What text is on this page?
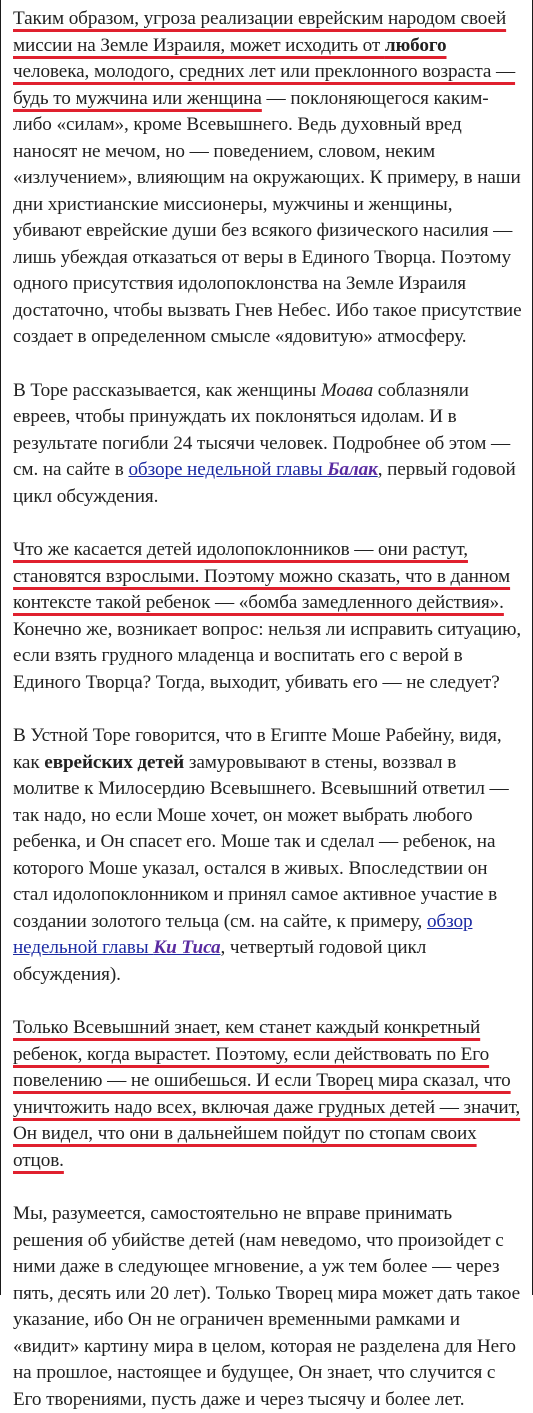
Таким образом, угроза реализации еврейским народом своей миссии на Земле Израиля, может исходить от любого человека, молодого, средних лет или преклонного возраста — будь то мужчина или женщина — поклоняющегося каким-либо «силам», кроме Всевышнего. Ведь духовный вред наносят не мечом, но — поведением, словом, неким «излучением», влияющим на окружающих. К примеру, в наши дни христианские миссионеры, мужчины и женщины, убивают еврейские души без всякого физического насилия — лишь убеждая отказаться от веры в Единого Творца. Поэтому одного присутствия идолопоклонства на Земле Израиля достаточно, чтобы вызвать Гнев Небес. Ибо такое присутствие создает в определенном смысле «ядовитую» атмосферу.

В Торе рассказывается, как женщины Моава соблазняли евреев, чтобы принуждать их поклоняться идолам. И в результате погибли 24 тысячи человек. Подробнее об этом — см. на сайте в обзоре недельной главы Балак, первый годовой цикл обсуждения.

Что же касается детей идолопоклонников — они растут, становятся взрослыми. Поэтому можно сказать, что в данном контексте такой ребенок — «бомба замедленного действия». Конечно же, возникает вопрос: нельзя ли исправить ситуацию, если взять грудного младенца и воспитать его с верой в Единого Творца? Тогда, выходит, убивать его — не следует?

В Устной Торе говорится, что в Египте Моше Рабейну, видя, как еврейских детей замуровывают в стены, воззвал в молитве к Милосердию Всевышнего. Всевышний ответил — так надо, но если Моше хочет, он может выбрать любого ребенка, и Он спасет его. Моше так и сделал — ребенок, на которого Моше указал, остался в живых. Впоследствии он стал идолопоклонником и принял самое активное участие в создании золотого тельца (см. на сайте, к примеру, обзор недельной главы Ки Тиса, четвертый годовой цикл обсуждения).

Только Всевышний знает, кем станет каждый конкретный ребенок, когда вырастет. Поэтому, если действовать по Его повелению — не ошибешься. И если Творец мира сказал, что уничтожить надо всех, включая даже грудных детей — значит, Он видел, что они в дальнейшем пойдут по стопам своих отцов.

Мы, разумеется, самостоятельно не вправе принимать решения об убийстве детей (нам неведомо, что произойдет с ними даже в следующее мгновение, а уж тем более — через пять, десять или 20 лет). Только Творец мира может дать такое указание, ибо Он не ограничен временными рамками и «видит» картину мира в целом, которая не разделена для Него на прошлое, настоящее и будущее, Он знает, что случится с Его творениями, пусть даже и через тысячу и более лет.
